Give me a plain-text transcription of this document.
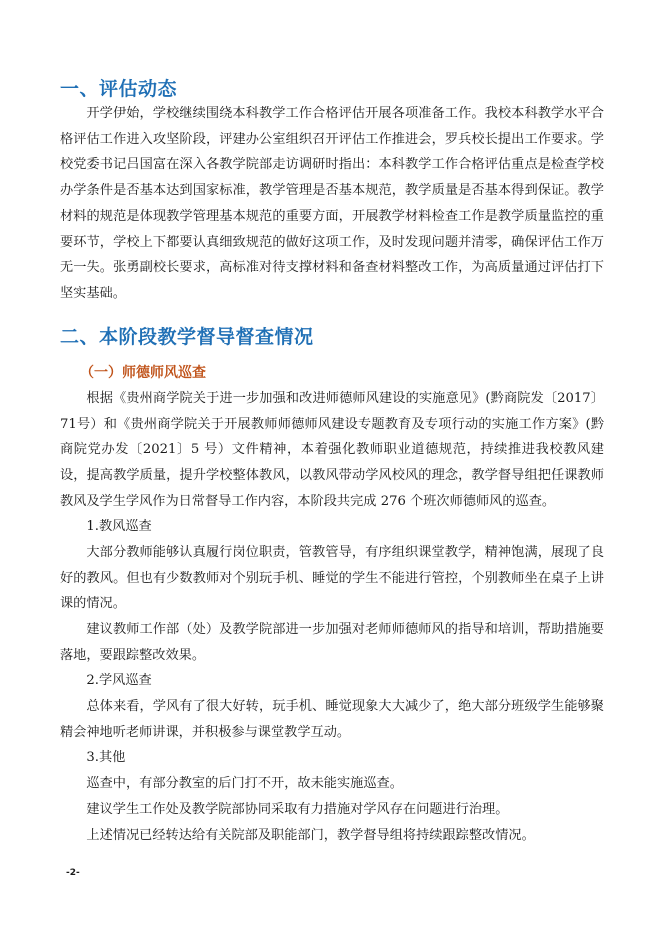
一、评估动态

开学伊始，学校继续围绕本科教学工作合格评估开展各项准备工作。我校本科教学水平合格评估工作进入攻坚阶段，评建办公室组织召开评估工作推进会，罗兵校长提出工作要求。学校党委书记吕国富在深入各教学院部走访调研时指出：本科教学工作合格评估重点是检查学校办学条件是否基本达到国家标准，教学管理是否基本规范，教学质量是否基本得到保证。教学材料的规范是体现教学管理基本规范的重要方面，开展教学材料检查工作是教学质量监控的重要环节，学校上下都要认真细致规范的做好这项工作，及时发现问题并清零，确保评估工作万无一失。张勇副校长要求，高标准对待支撑材料和备查材料整改工作，为高质量通过评估打下坚实基础。

二、本阶段教学督导督查情况
（一）师德师风巡查

根据《贵州商学院关于进一步加强和改进师德师风建设的实施意见》(黔商院发〔2017〕71号）和《贵州商学院关于开展教师师德师风建设专题教育及专项行动的实施工作方案》(黔商院党办发〔2021〕5 号）文件精神，本着强化教师职业道德规范，持续推进我校教风建设，提高教学质量，提升学校整体教风，以教风带动学风校风的理念，教学督导组把任课教师教风及学生学风作为日常督导工作内容，本阶段共完成 276 个班次师德师风的巡查。

1.教风巡查

大部分教师能够认真履行岗位职责，管教管导，有序组织课堂教学，精神饱满，展现了良好的教风。但也有少数教师对个别玩手机、睡觉的学生不能进行管控，个别教师坐在桌子上讲课的情况。

建议教师工作部（处）及教学院部进一步加强对老师师德师风的指导和培训，帮助措施要落地，要跟踪整改效果。

2.学风巡查

总体来看，学风有了很大好转，玩手机、睡觉现象大大减少了，绝大部分班级学生能够聚精会神地听老师讲课，并积极参与课堂教学互动。

3.其他

巡查中，有部分教室的后门打不开，故未能实施巡查。

建议学生工作处及教学院部协同采取有力措施对学风存在问题进行治理。

上述情况已经转达给有关院部及职能部门，教学督导组将持续跟踪整改情况。

-2-
